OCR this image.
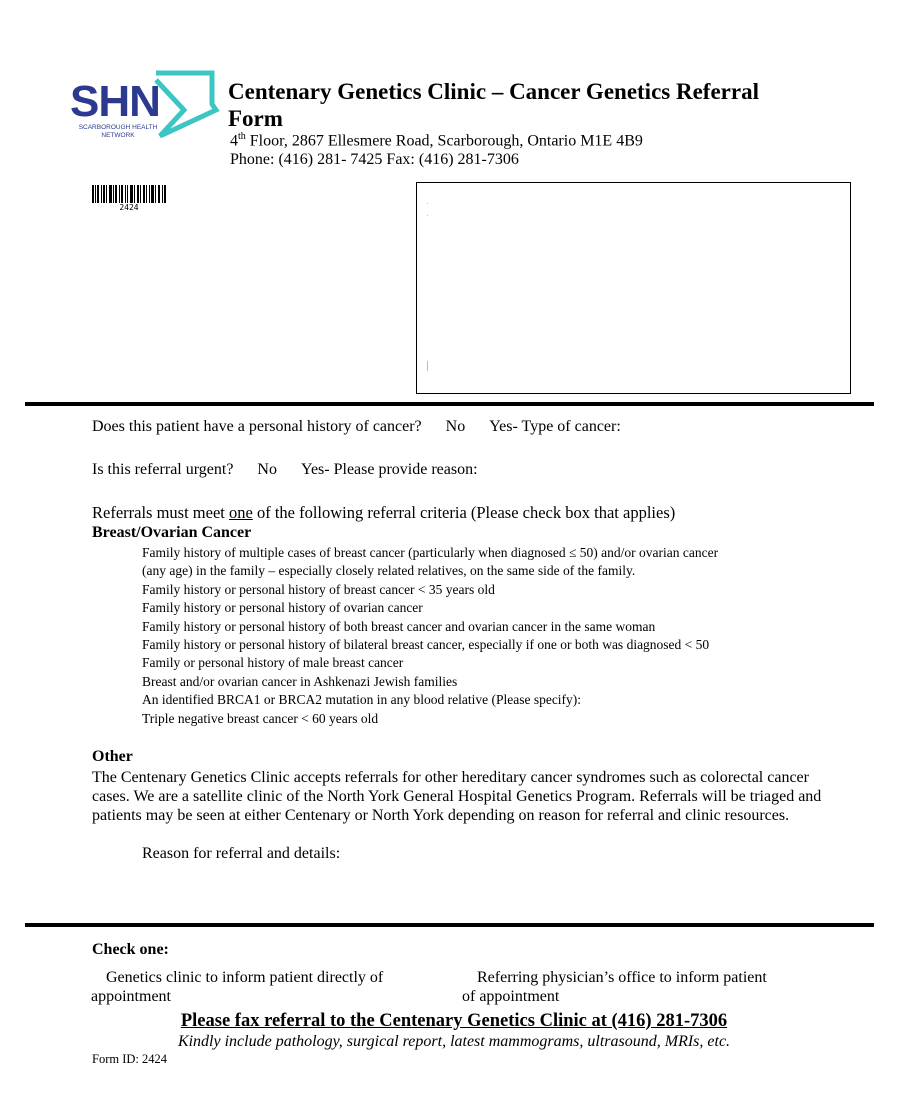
SHN
SCARBOROUGH HEALTH NETWORK
Centenary Genetics Clinic – Cancer Genetics Referral Form
4th Floor, 2867 Ellesmere Road, Scarborough, Ontario M1E 4B9
Phone: (416) 281- 7425 Fax: (416) 281-7306
2424
Does this patient have a personal history of cancer? No Yes- Type of cancer:
Is this referral urgent? No Yes- Please provide reason:
Referrals must meet one of the following referral criteria (Please check box that applies)
Breast/Ovarian Cancer
Family history of multiple cases of breast cancer (particularly when diagnosed ≤ 50) and/or ovarian cancer
(any age) in the family – especially closely related relatives, on the same side of the family.
Family history or personal history of breast cancer < 35 years old
Family history or personal history of ovarian cancer
Family history or personal history of both breast cancer and ovarian cancer in the same woman
Family history or personal history of bilateral breast cancer, especially if one or both was diagnosed < 50
Family or personal history of male breast cancer
Breast and/or ovarian cancer in Ashkenazi Jewish families
An identified BRCA1 or BRCA2 mutation in any blood relative (Please specify):
Triple negative breast cancer < 60 years old
Other
The Centenary Genetics Clinic accepts referrals for other hereditary cancer syndromes such as colorectal cancer cases. We are a satellite clinic of the North York General Hospital Genetics Program. Referrals will be triaged and patients may be seen at either Centenary or North York depending on reason for referral and clinic resources.
Reason for referral and details:
Check one:
Genetics clinic to inform patient directly of
appointment
Referring physician’s office to inform patient
of appointment
Please fax referral to the Centenary Genetics Clinic at (416) 281-7306
Kindly include pathology, surgical report, latest mammograms, ultrasound, MRIs, etc.
Form ID: 2424
